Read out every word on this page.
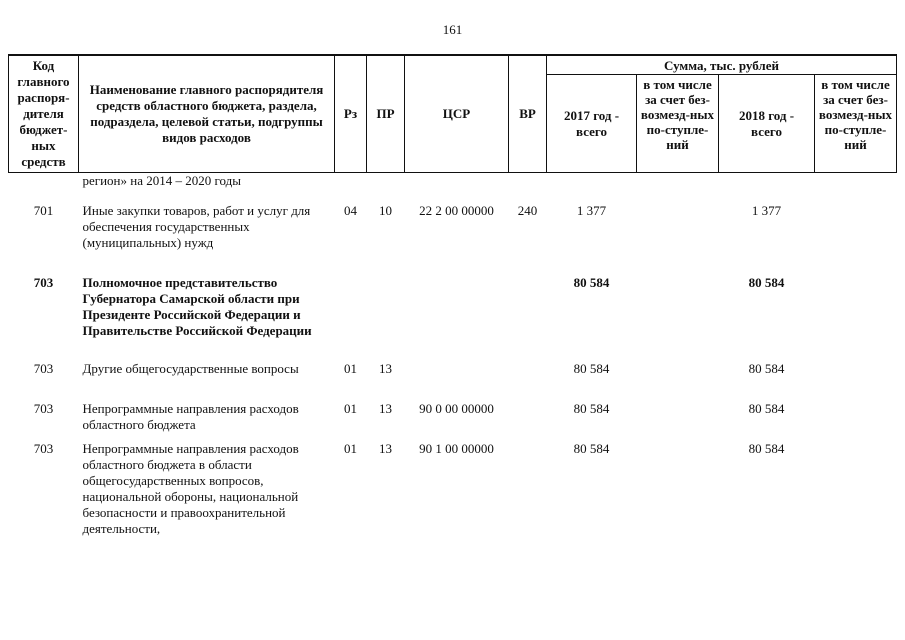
161
Код главного распоря-дителя бюджет-ных средств	Наименование главного распорядителя средств областного бюджета, раздела, подраздела, целевой статьи, подгруппы видов расходов	Рз	ПР	ЦСР	ВР	Сумма, тыс. рублей			
						2017 год - всего	в том числе за счет без-возмезд-ных по-ступле-ний	2018 год - всего	в том числе за счет без-возмезд-ных по-ступле-ний
	регион» на 2014 – 2020 годы								
701	Иные закупки товаров, работ и услуг для обеспечения государственных (муниципальных) нужд	04	10	22 2 00 00000	240	1 377		1 377	
703	Полномочное представительство Губернатора Самарской области при Президенте Российской Федерации и Правительстве Российской Федерации					80 584		80 584	
703	Другие общегосударственные вопросы	01	13			80 584		80 584	
703	Непрограммные направления расходов областного бюджета	01	13	90 0 00 00000		80 584		80 584	
703	Непрограммные направления расходов областного бюджета в области общегосударственных вопросов, национальной обороны, национальной безопасности и правоохранительной деятельности,	01	13	90 1 00 00000		80 584		80 584	
